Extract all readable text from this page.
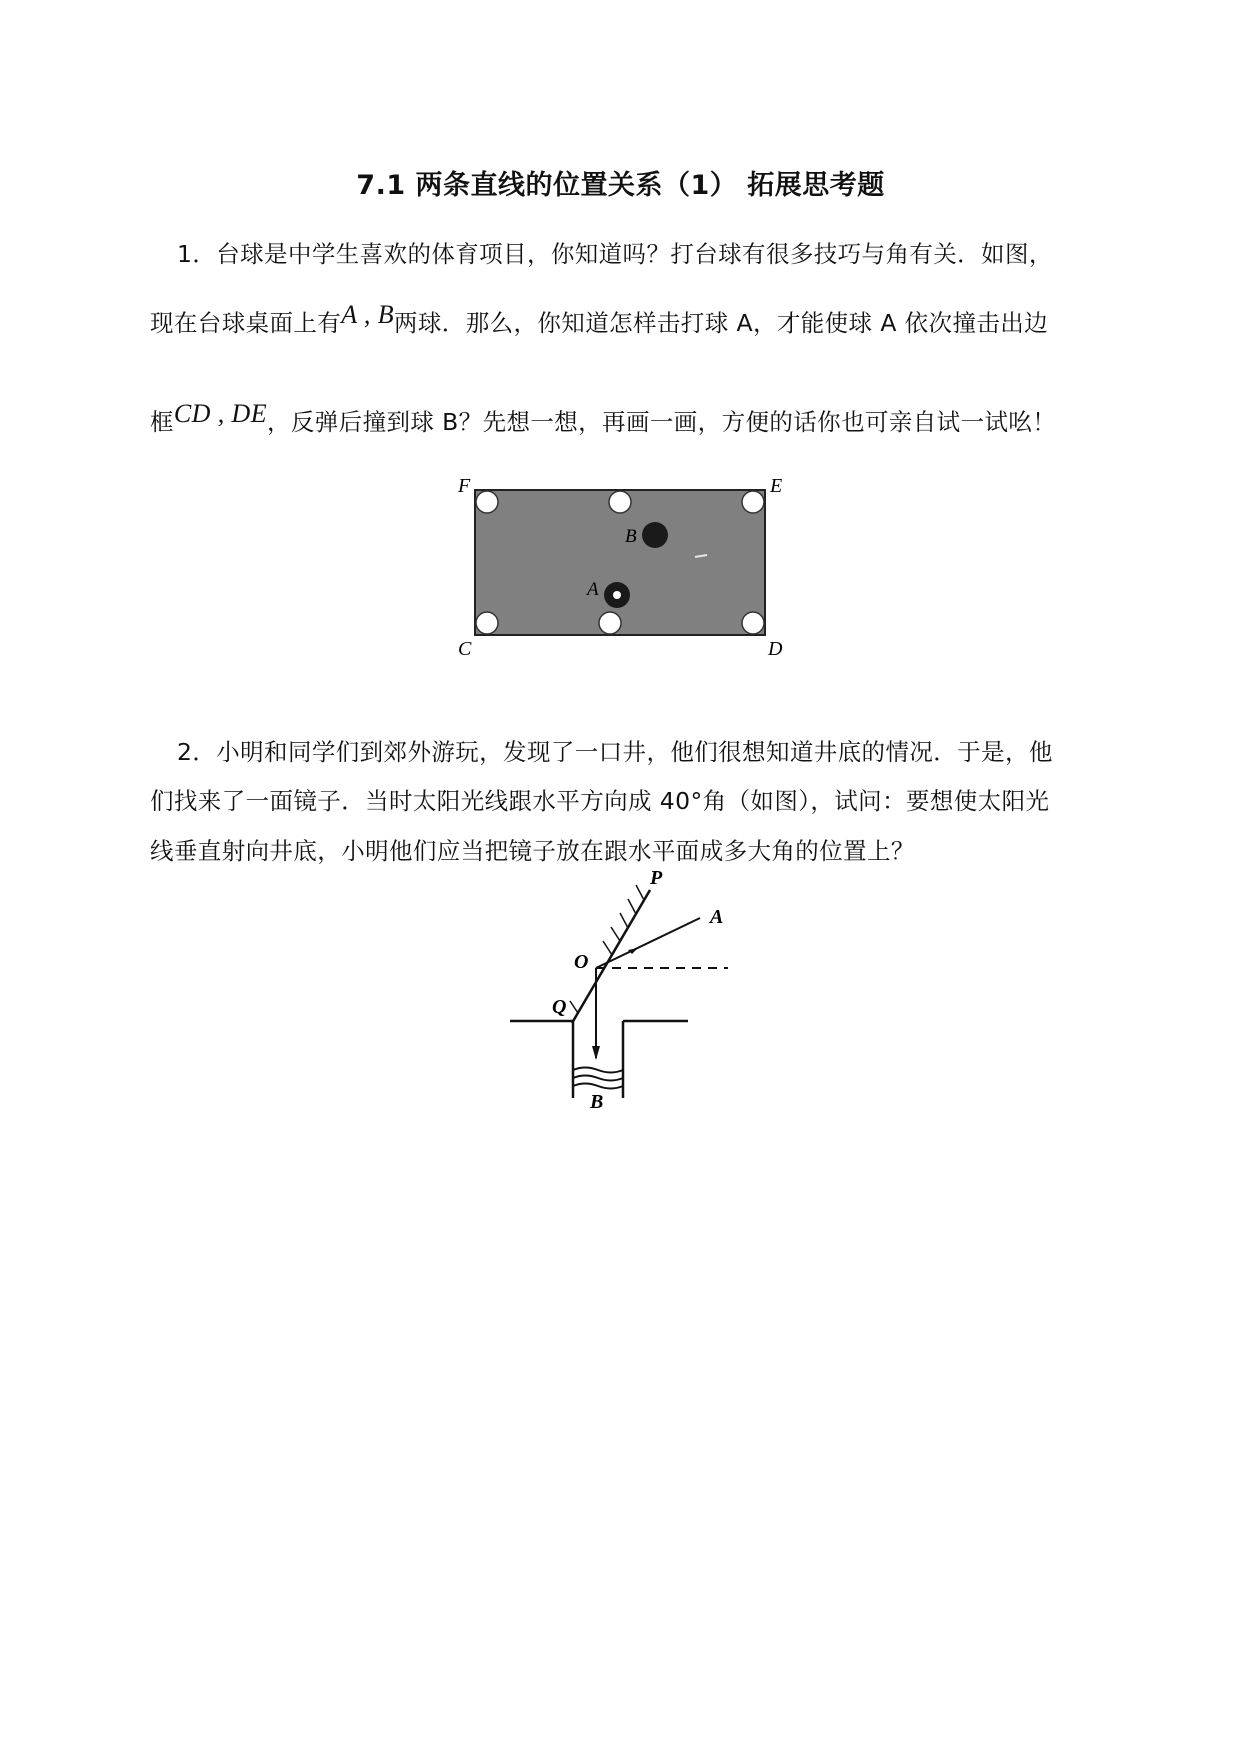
7.1 两条直线的位置关系（1） 拓展思考题
1．台球是中学生喜欢的体育项目，你知道吗？打台球有很多技巧与角有关．如图，
现在台球桌面上有A , B两球．那么，你知道怎样击打球 A，才能使球 A 依次撞击出边
框CD , DE，反弹后撞到球 B？先想一想，再画一画，方便的话你也可亲自试一试吆！
F	E
C	D
B
A
2．小明和同学们到郊外游玩，发现了一口井，他们很想知道井底的情况．于是，他
们找来了一面镜子．当时太阳光线跟水平方向成 40°角（如图），试问：要想使太阳光
线垂直射向井底，小明他们应当把镜子放在跟水平面成多大角的位置上？
P
A
O
Q
B
